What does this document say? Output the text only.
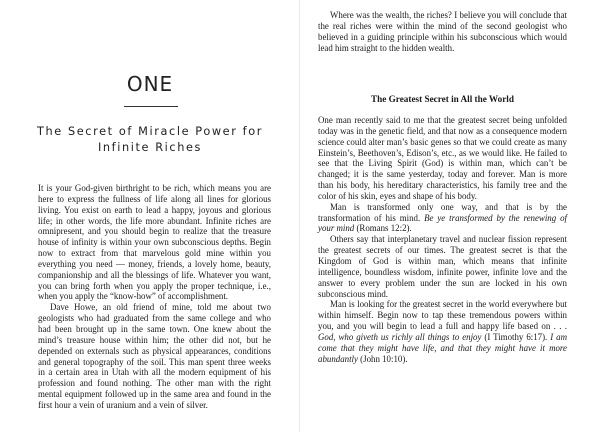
ONE
The Secret of Miracle Power for Infinite Riches

It is your God-given birthright to be rich, which means you are here to express the fullness of life along all lines for glorious living. You exist on earth to lead a happy, joyous and glorious life; in other words, the life more abundant. Infinite riches are omnipresent, and you should begin to realize that the treasure house of infinity is within your own subconscious depths. Begin now to extract from that marvelous gold mine within you everything you need — money, friends, a lovely home, beauty, companionship and all the blessings of life. Whatever you want, you can bring forth when you apply the proper technique, i.e., when you apply the “know-how” of accomplishment.

Dave Howe, an old friend of mine, told me about two geologists who had graduated from the same college and who had been brought up in the same town. One knew about the mind’s treasure house within him; the other did not, but he depended on externals such as physical appearances, conditions and general topography of the soil. This man spent three weeks in a certain area in Utah with all the modern equipment of his profession and found nothing. The other man with the right mental equipment followed up in the same area and found in the first hour a vein of uranium and a vein of silver.

Where was the wealth, the riches? I believe you will conclude that the real riches were within the mind of the second geologist who believed in a guiding principle within his subconscious which would lead him straight to the hidden wealth.

The Greatest Secret in All the World

One man recently said to me that the greatest secret being unfolded today was in the genetic field, and that now as a consequence modern science could alter man’s basic genes so that we could create as many Einstein’s, Beethoven’s, Edison’s, etc., as we would like. He failed to see that the Living Spirit (God) is within man, which can’t be changed; it is the same yesterday, today and forever. Man is more than his body, his hereditary characteristics, his family tree and the color of his skin, eyes and shape of his body.

Man is transformed only one way, and that is by the transformation of his mind. Be ye transformed by the renewing of your mind (Romans 12:2).

Others say that interplanetary travel and nuclear fission represent the greatest secrets of our times. The greatest secret is that the Kingdom of God is within man, which means that infinite intelligence, boundless wisdom, infinite power, infinite love and the answer to every problem under the sun are locked in his own subconscious mind.

Man is looking for the greatest secret in the world everywhere but within himself. Begin now to tap these tremendous powers within you, and you will begin to lead a full and happy life based on . . . God, who giveth us richly all things to enjoy (I Timothy 6:17). I am come that they might have life, and that they might have it more abundantly (John 10:10).
